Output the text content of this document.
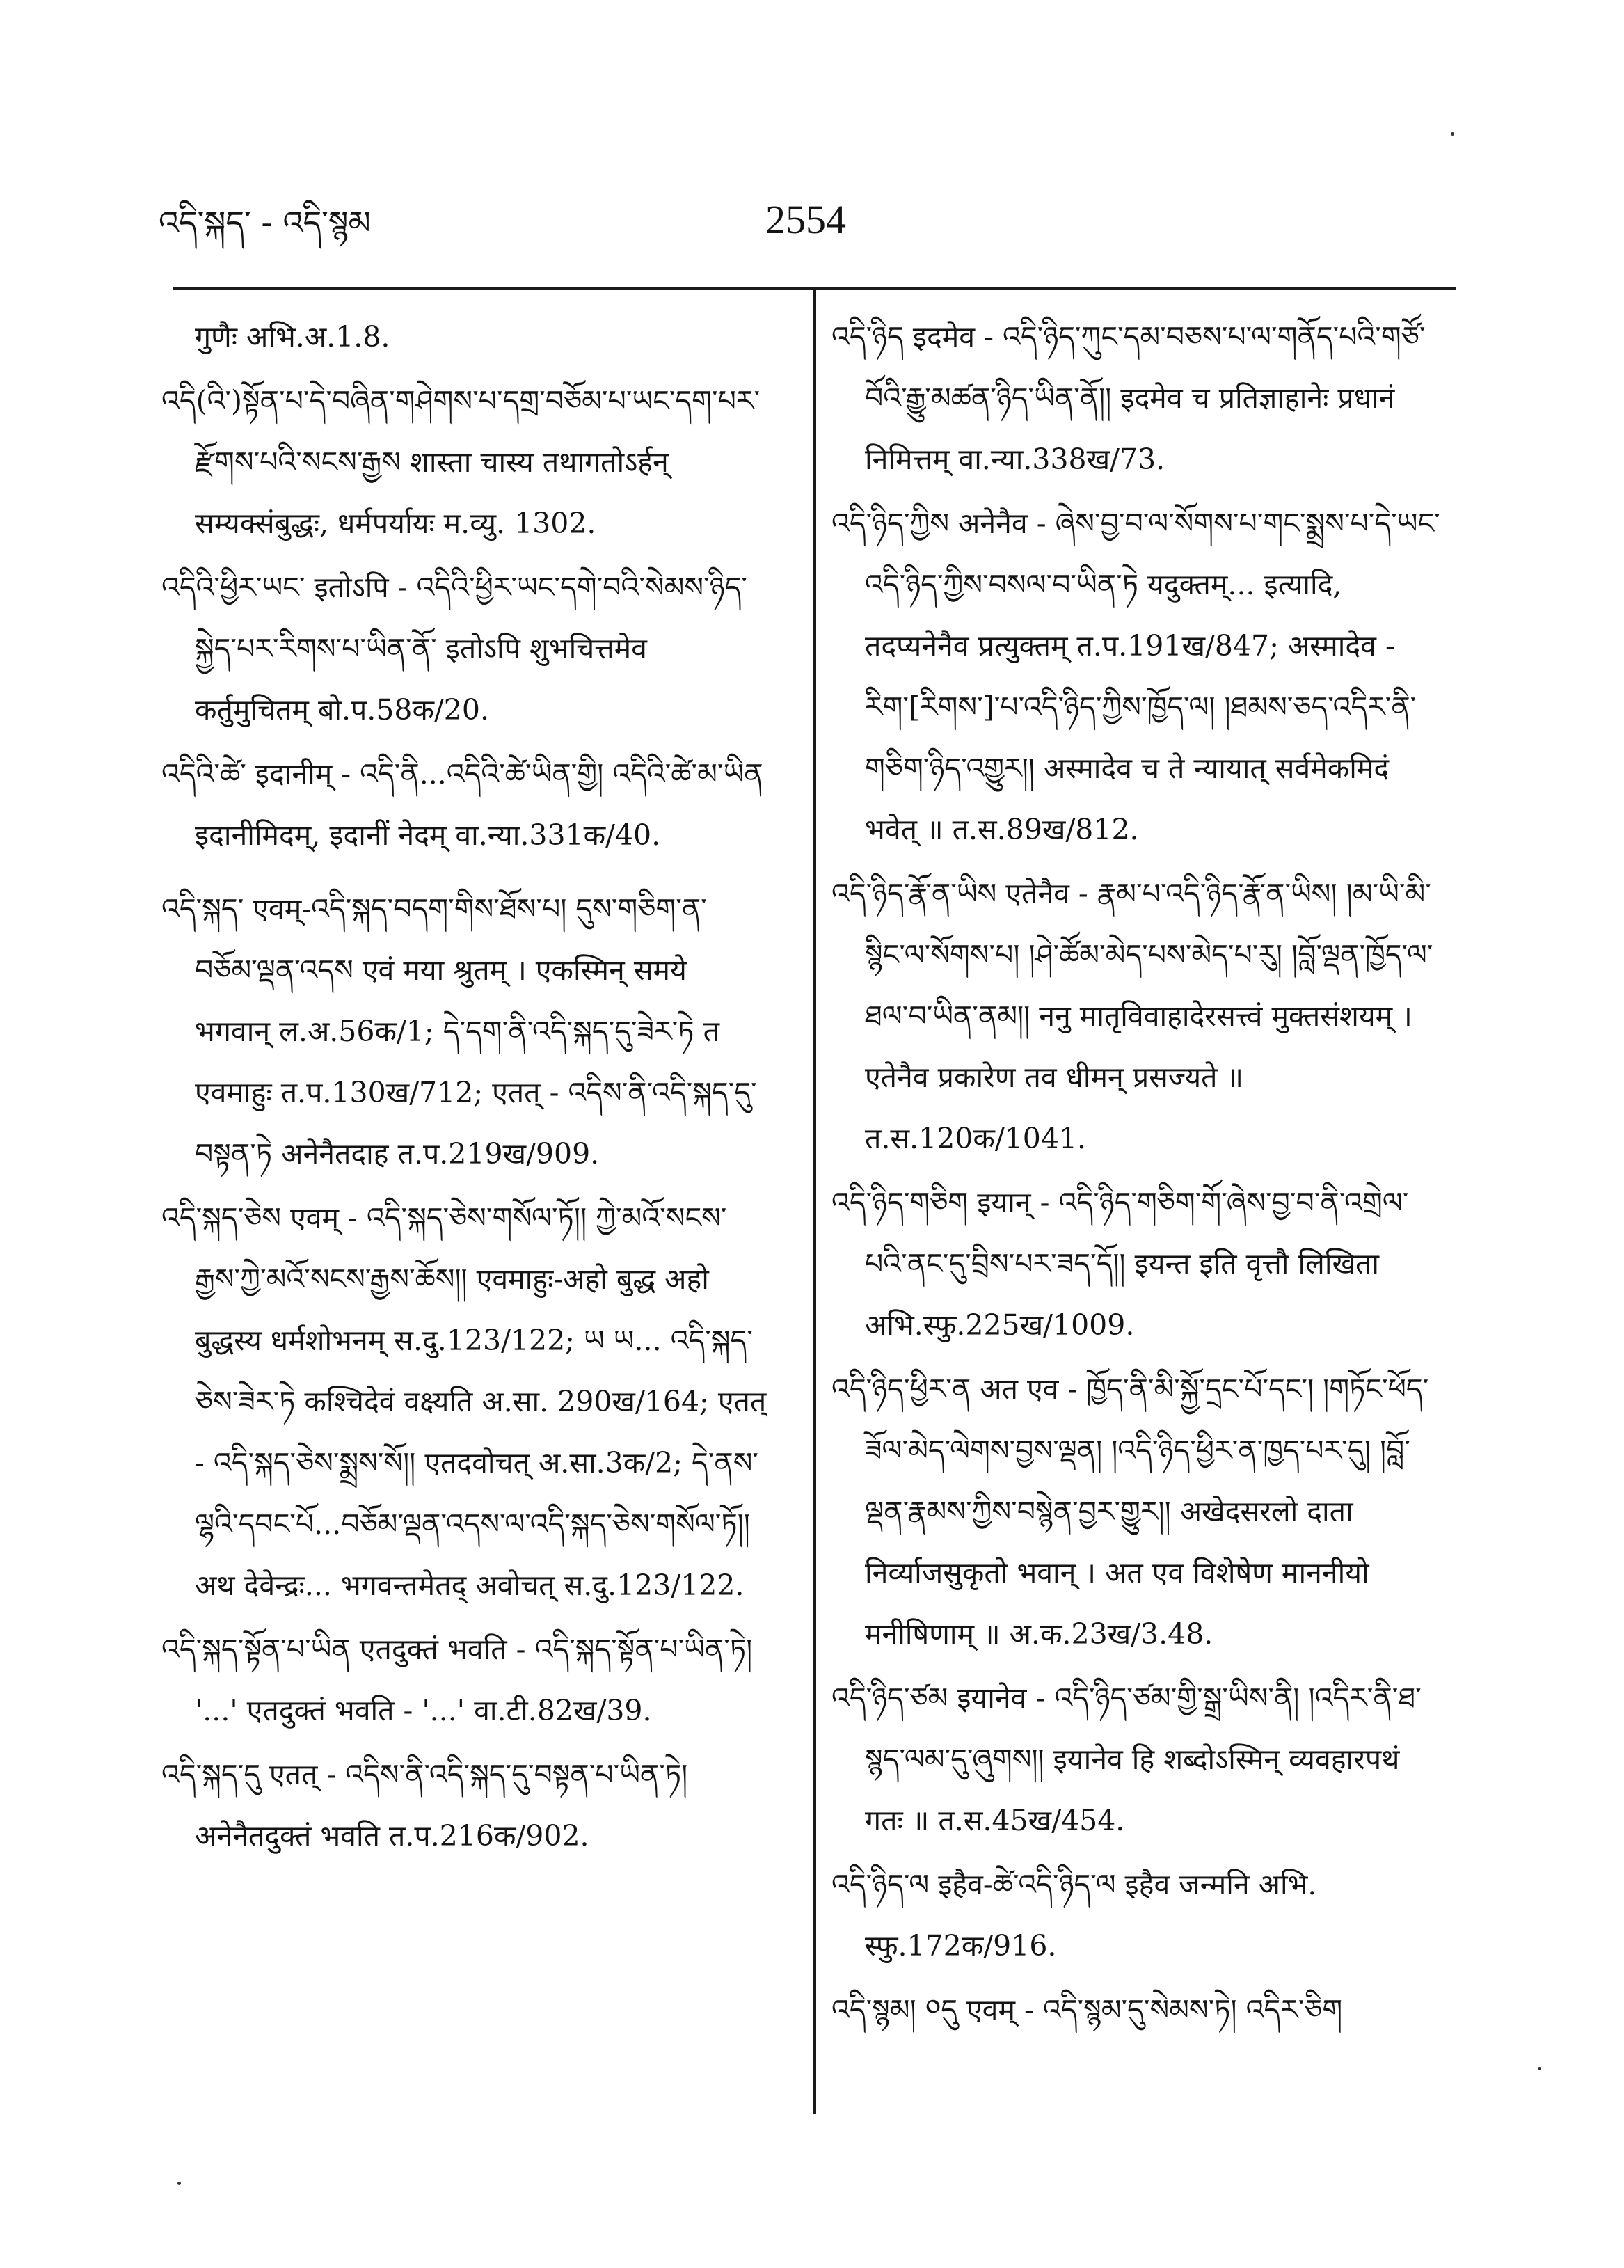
འདི་སྐད་ - འདི་སྙམ	2554

गुणैः अभि.अ.1.8.

འདི(འི་)སྟོན་པ་དེ་བཞིན་གཤེགས་པ་དགྲ་བཅོམ་པ་ཡང་དག་པར་རྫོགས་པའི་སངས་རྒྱས शास्ता चास्य तथागतोऽर्हन् सम्यक्संबुद्धः, धर्मपर्यायः म.व्यु. 1302.

འདིའི་ཕྱིར་ཡང་ इतोऽपि - འདིའི་ཕྱིར་ཡང་དགེ་བའི་སེམས་ཉིད་སྐྱེད་པར་རིགས་པ་ཡིན་ནོ་ इतोऽपि शुभचित्तमेव कर्तुमुचितम् बो.प.58क/20.

འདིའི་ཚེ་ इदानीम् - འདི་ནི...འདིའི་ཚེ་ཡིན་གྱི། འདིའི་ཚེ་མ་ཡིན इदानीमिदम्, इदानीं नेदम् वा.न्या.331क/40.

འདི་སྐད་ एवम्-འདི་སྐད་བདག་གིས་ཐོས་པ། དུས་གཅིག་ན་བཅོམ་ལྡན་འདས एवं मया श्रुतम् । एकस्मिन् समये भगवान् ल.अ.56क/1; དེ་དག་ནི་འདི་སྐད་དུ་ཟེར་ཏེ त एवमाहुः त.प.130ख/712; एतत् - འདིས་ནི་འདི་སྐད་དུ་བསྟན་ཏེ अनेनैतदाह त.प.219ख/909.

འདི་སྐད་ཅེས एवम् - འདི་སྐད་ཅེས་གསོལ་ཏོ།། ཀྱེ་མའོ་སངས་རྒྱས་ཀྱེ་མའོ་སངས་རྒྱས་ཆོས།། एवमाहुः-अहो बुद्ध अहो बुद्धस्य धर्मशोभनम् स.दु.123/122; ཡ ཡ... འདི་སྐད་ཅེས་ཟེར་ཏེ कश्चिदेवं वक्ष्यति अ.सा. 290ख/164; एतत् - འདི་སྐད་ཅེས་སྨྲས་སོ།། एतदवोचत् अ.सा.3क/2; དེ་ནས་ལྷའི་དབང་པོ...བཅོམ་ལྡན་འདས་ལ་འདི་སྐད་ཅེས་གསོལ་ཏོ།། अथ देवेन्द्रः... भगवन्तमेतद् अवोचत् स.दु.123/122.

འདི་སྐད་སྟོན་པ་ཡིན एतदुक्तं भवति - འདི་སྐད་སྟོན་པ་ཡིན་ཏེ། '...' एतदुक्तं भवति - '...' वा.टी.82ख/39.

འདི་སྐད་དུ एतत् - འདིས་ནི་འདི་སྐད་དུ་བསྟན་པ་ཡིན་ཏེ། अनेनैतदुक्तं भवति त.प.216क/902.

འདི་ཉིད इदमेव - འདི་ཉིད་ཀུང་དམ་བཅས་པ་ལ་གནོད་པའི་གཙོ་བོའི་རྒྱུ་མཚན་ཉིད་ཡིན་ནོ།། इदमेव च प्रतिज्ञाहानेः प्रधानं निमित्तम् वा.न्या.338ख/73.

འདི་ཉིད་ཀྱིས अनेनैव - ཞེས་བྱ་བ་ལ་སོགས་པ་གང་སྨྲས་པ་དེ་ཡང་འདི་ཉིད་ཀྱིས་བསལ་བ་ཡིན་ཏེ यदुक्तम्... इत्यादि, तदप्यनेनैव प्रत्युक्तम् त.प.191ख/847; अस्मादेव - རིག་[རིགས་]་པ་འདི་ཉིད་ཀྱིས་ཁྱོད་ལ། །ཐམས་ཅད་འདིར་ནི་གཅིག་ཉིད་འགྱུར།། अस्मादेव च ते न्यायात् सर्वमेकमिदं भवेत् ॥ त.स.89ख/812.

འདི་ཉིད་རྣོ་ན་ཡིས एतेनैव - རྣམ་པ་འདི་ཉིད་རྣོ་ན་ཡིས། །མ་ཡི་མི་སྙིང་ལ་སོགས་པ། །ཤེ་ཚོམ་མེད་པས་མེད་པ་རུ། །བློ་ལྡན་ཁྱོད་ལ་ཐལ་བ་ཡིན་ནམ།། ननु मातृविवाहादेरसत्त्वं मुक्तसंशयम् । एतेनैव प्रकारेण तव धीमन् प्रसज्यते ॥ त.स.120क/1041.

འདི་ཉིད་གཅིག इयान् - འདི་ཉིད་གཅིག་གོ་ཞེས་བྱ་བ་ནི་འགྲེལ་པའི་ནང་དུ་བྲིས་པར་ཟད་དོ།། इयन्त इति वृत्तौ लिखिता अभि.स्फु.225ख/1009.

འདི་ཉིད་ཕྱིར་ན अत एव - ཁྱོད་ནི་མི་སྐྱོ་དྲང་པོ་དང་། །གཏོང་ཕོད་ཟོལ་མེད་ལེགས་བྱས་ལྡན། །འདི་ཉིད་ཕྱིར་ན་ཁྱད་པར་དུ། །བློ་ལྡན་རྣམས་ཀྱིས་བསྙེན་བྱར་གྱུར།། अखेदसरलो दाता निर्व्याजसुकृतो भवान् । अत एव विशेषेण माननीयो मनीषिणाम् ॥ अ.क.23ख/3.48.

འདི་ཉིད་ཙམ इयानेव - འདི་ཉིད་ཙམ་གྱི་སྒྲ་ཡིས་ནི། །འདིར་ནི་ཐ་སྙད་ལམ་དུ་ཞུགས།། इयानेव हि शब्दोऽस्मिन् व्यवहारपथं गतः ॥ त.स.45ख/454.

འདི་ཉིད་ལ इहैव-ཚེ་འདི་ཉིད་ལ इहैव जन्मनि अभि. स्फु.172क/916.

འདི་སྙམ། ༠དུ एवम् - འདི་སྙམ་དུ་སེམས་ཏེ། འདིར་ཅིག
